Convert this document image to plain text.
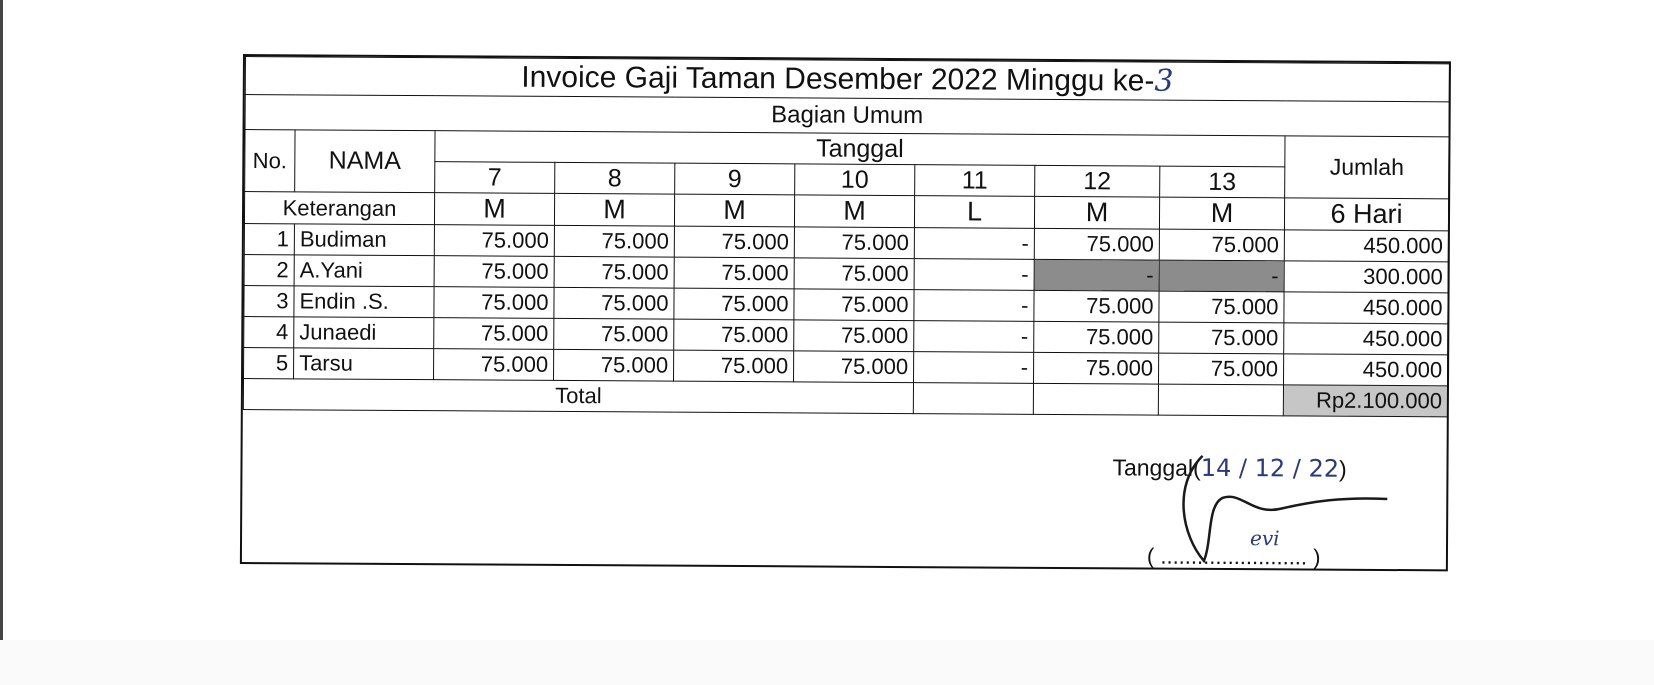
Invoice Gaji Taman Desember 2022 Minggu ke-3									
Bagian Umum									
No.	NAMA	Tanggal							Jumlah
		7	8	9	10	11	12	13	
Keterangan		M	M	M	M	L	M	M	6 Hari
1	Budiman	75.000	75.000	75.000	75.000	-	75.000	75.000	450.000
2	A.Yani	75.000	75.000	75.000	75.000	-	-	-	300.000
3	Endin .S.	75.000	75.000	75.000	75.000	-	75.000	75.000	450.000
4	Junaedi	75.000	75.000	75.000	75.000	-	75.000	75.000	450.000
5	Tarsu	75.000	75.000	75.000	75.000	-	75.000	75.000	450.000
Total									Rp2.100.000
Tanggal(14 / 12 / 22)
( ........................ )
evi
